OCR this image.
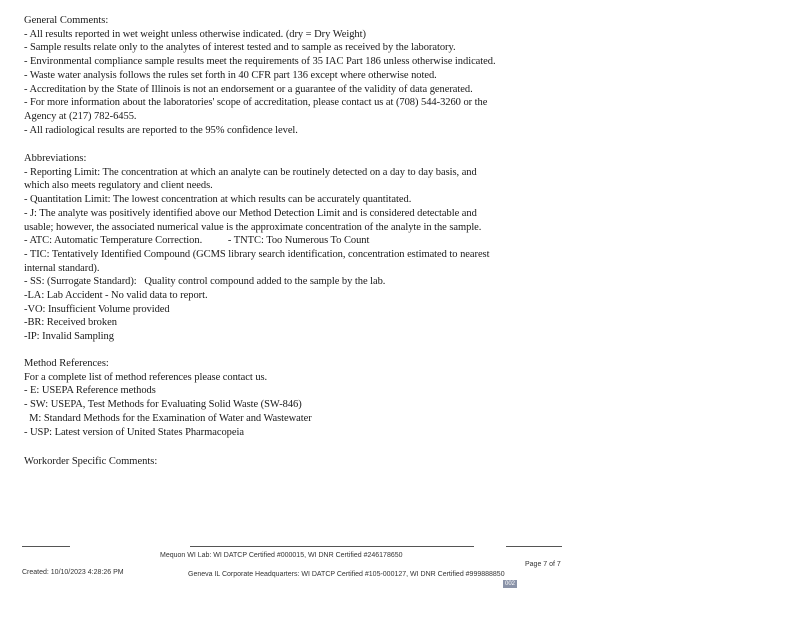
General Comments:
- All results reported in wet weight unless otherwise indicated. (dry = Dry Weight)
- Sample results relate only to the analytes of interest tested and to sample as received by the laboratory.
- Environmental compliance sample results meet the requirements of 35 IAC Part 186 unless otherwise indicated.
- Waste water analysis follows the rules set forth in 40 CFR part 136 except where otherwise noted.
- Accreditation by the State of Illinois is not an endorsement or a guarantee of the validity of data generated.
- For more information about the laboratories' scope of accreditation, please contact us at (708) 544-3260 or the
Agency at (217) 782-6455.
- All radiological results are reported to the 95% confidence level.
Abbreviations:
- Reporting Limit: The concentration at which an analyte can be routinely detected on a day to day basis, and
which also meets regulatory and client needs.
- Quantitation Limit: The lowest concentration at which results can be accurately quantitated.
- J: The analyte was positively identified above our Method Detection Limit and is considered detectable and
usable; however, the associated numerical value is the approximate concentration of the analyte in the sample.
- ATC: Automatic Temperature Correction.          - TNTC: Too Numerous To Count
- TIC: Tentatively Identified Compound (GCMS library search identification, concentration estimated to nearest
internal standard).
- SS: (Surrogate Standard):   Quality control compound added to the sample by the lab.
-LA: Lab Accident - No valid data to report.
-VO: Insufficient Volume provided
-BR: Received broken
-IP: Invalid Sampling
Method References:
For a complete list of method references please contact us.
- E: USEPA Reference methods
- SW: USEPA, Test Methods for Evaluating Solid Waste (SW-846)
M: Standard Methods for the Examination of Water and Wastewater
- USP: Latest version of United States Pharmacopeia
Workorder Specific Comments:
Mequon WI Lab: WI DATCP Certified #000015, WI DNR Certified #246178650
Page 7 of 7
Created: 10/10/2023 4:28:26 PM	Geneva IL Corporate Headquarters: WI DATCP Certified #105-000127, WI DNR Certified #999888850
002
